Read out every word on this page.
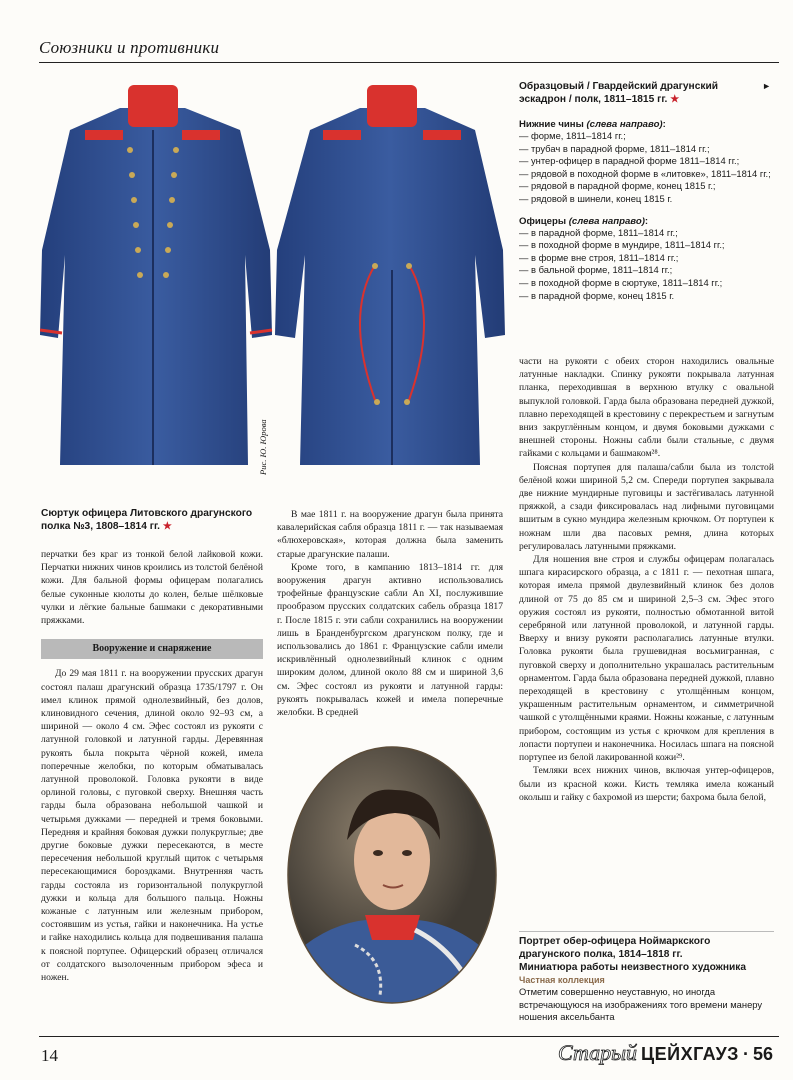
Союзники и противники
Рис. Ю. Юрова
Сюртук офицера Литовского драгунского полка №3, 1808–1814 гг. ★
Образцовый / Гвардейский драгунский эскадрон / полк, 1811–1815 гг. ★
►
Нижние чины (слева направо):
— форме, 1811–1814 гг.;
— трубач в парадной форме, 1811–1814 гг.;
— унтер-офицер в парадной форме 1811–1814 гг.;
— рядовой в походной форме в «литовке», 1811–1814 гг.;
— рядовой в парадной форме, конец 1815 г.;
— рядовой в шинели, конец 1815 г.
Офицеры (слева направо):
— в парадной форме, 1811–1814 гг.;
— в походной форме в мундире, 1811–1814 гг.;
— в форме вне строя, 1811–1814 гг.;
— в бальной форме, 1811–1814 гг.;
— в походной форме в сюртуке, 1811–1814 гг.;
— в парадной форме, конец 1815 г.

перчатки без краг из тонкой белой лайковой кожи. Перчатки нижних чинов кроились из толстой белёной кожи. Для бальной формы офицерам полагались белые суконные кюлоты до колен, белые шёлковые чулки и лёгкие бальные башмаки с декоративными пряжками.

Вооружение и снаряжение

До 29 мая 1811 г. на вооружении прусских драгун состоял палаш драгунский образца 1735/1797 г. Он имел клинок прямой однолезвийный, без долов, клиновидного сечения, длиной около 92–93 см, а шириной — около 4 см. Эфес состоял из рукояти с латунной головкой и латунной гарды. Деревянная рукоять была покрыта чёрной кожей, имела поперечные желобки, по которым обматывалась латунной проволокой. Головка рукояти в виде орлиной головы, с пуговкой сверху. Внешняя часть гарды была образована небольшой чашкой и четырьмя дужками — передней и тремя боковыми. Передняя и крайняя боковая дужки полукруглые; две другие боковые дужки пересекаются, в месте пересечения небольшой круглый щиток с четырьмя пересекающимися бороздками. Внутренняя часть гарды состояла из горизонтальной полукруглой дужки и кольца для большого пальца. Ножны кожаные с латунным или железным прибором, состоявшим из устья, гайки и наконечника. На устье и гайке находились кольца для подвешивания палаша к поясной портупее. Офицерский образец отличался от солдатского вызолоченным прибором эфеса и ножен.

В мае 1811 г. на вооружение драгун была принята кавалерийская сабля образца 1811 г. — так называемая «блюхеровская», которая должна была заменить старые драгунские палаши.

Кроме того, в кампанию 1813–1814 гг. для вооружения драгун активно использовались трофейные французские сабли An XI, послужившие прообразом прусских солдатских сабель образца 1817 г. После 1815 г. эти сабли сохранились на вооружении лишь в Бранденбургском драгунском полку, где и использовались до 1861 г. Французские сабли имели искривлённый однолезвийный клинок с одним широким долом, длиной около 88 см и шириной 3,6 см. Эфес состоял из рукояти и латунной гарды: рукоять покрывалась кожей и имела поперечные желобки. В средней

части на рукояти с обеих сторон находились овальные латунные накладки. Спинку рукояти покрывала латунная планка, переходившая в верхнюю втулку с овальной выпуклой головкой. Гарда была образована передней дужкой, плавно переходящей в крестовину с перекрестьем и загнутым вниз закруглённым концом, и двумя боковыми дужками с внешней стороны. Ножны сабли были стальные, с двумя гайками с кольцами и башмаком²⁸.

Поясная портупея для палаша/сабли была из толстой белёной кожи шириной 5,2 см. Спереди портупея закрывала две нижние мундирные пуговицы и застёгивалась латунной пряжкой, а сзади фиксировалась над лифными пуговицами вшитым в сукно мундира железным крючком. От портупеи к ножнам шли два пасовых ремня, длина которых регулировалась латунными пряжками.

Для ношения вне строя и службы офицерам полагалась шпага кирасирского образца, а с 1811 г. — пехотная шпага, которая имела прямой двулезвийный клинок без долов длиной от 75 до 85 см и шириной 2,5–3 см. Эфес этого оружия состоял из рукояти, полностью обмотанной витой серебряной или латунной проволокой, и латунной гарды. Вверху и внизу рукояти располагались латунные втулки. Головка рукояти была грушевидная восьмигранная, с пуговкой сверху и дополнительно украшалась растительным орнаментом. Гарда была образована передней дужкой, плавно переходящей в крестовину с утолщённым концом, украшенным растительным орнаментом, и симметричной чашкой с утолщёнными краями. Ножны кожаные, с латунным прибором, состоящим из устья с крючком для крепления в лопасти портупеи и наконечника. Носилась шпага на поясной портупее из белой лакированной кожи²⁹.

Темляки всех нижних чинов, включая унтер-офицеров, были из красной кожи. Кисть темляка имела кожаный околыш и гайку с бахромой из шерсти; бахрома была белой,

Портрет обер-офицера Ноймаркского драгунского полка, 1814–1818 гг.
Миниатюра работы неизвестного художника
Частная коллекция
Отметим совершенно неуставную, но иногда встречающуюся на изображениях того времени манеру ношения аксельбанта
14	Старый ЦЕЙХГАУЗ · 56
